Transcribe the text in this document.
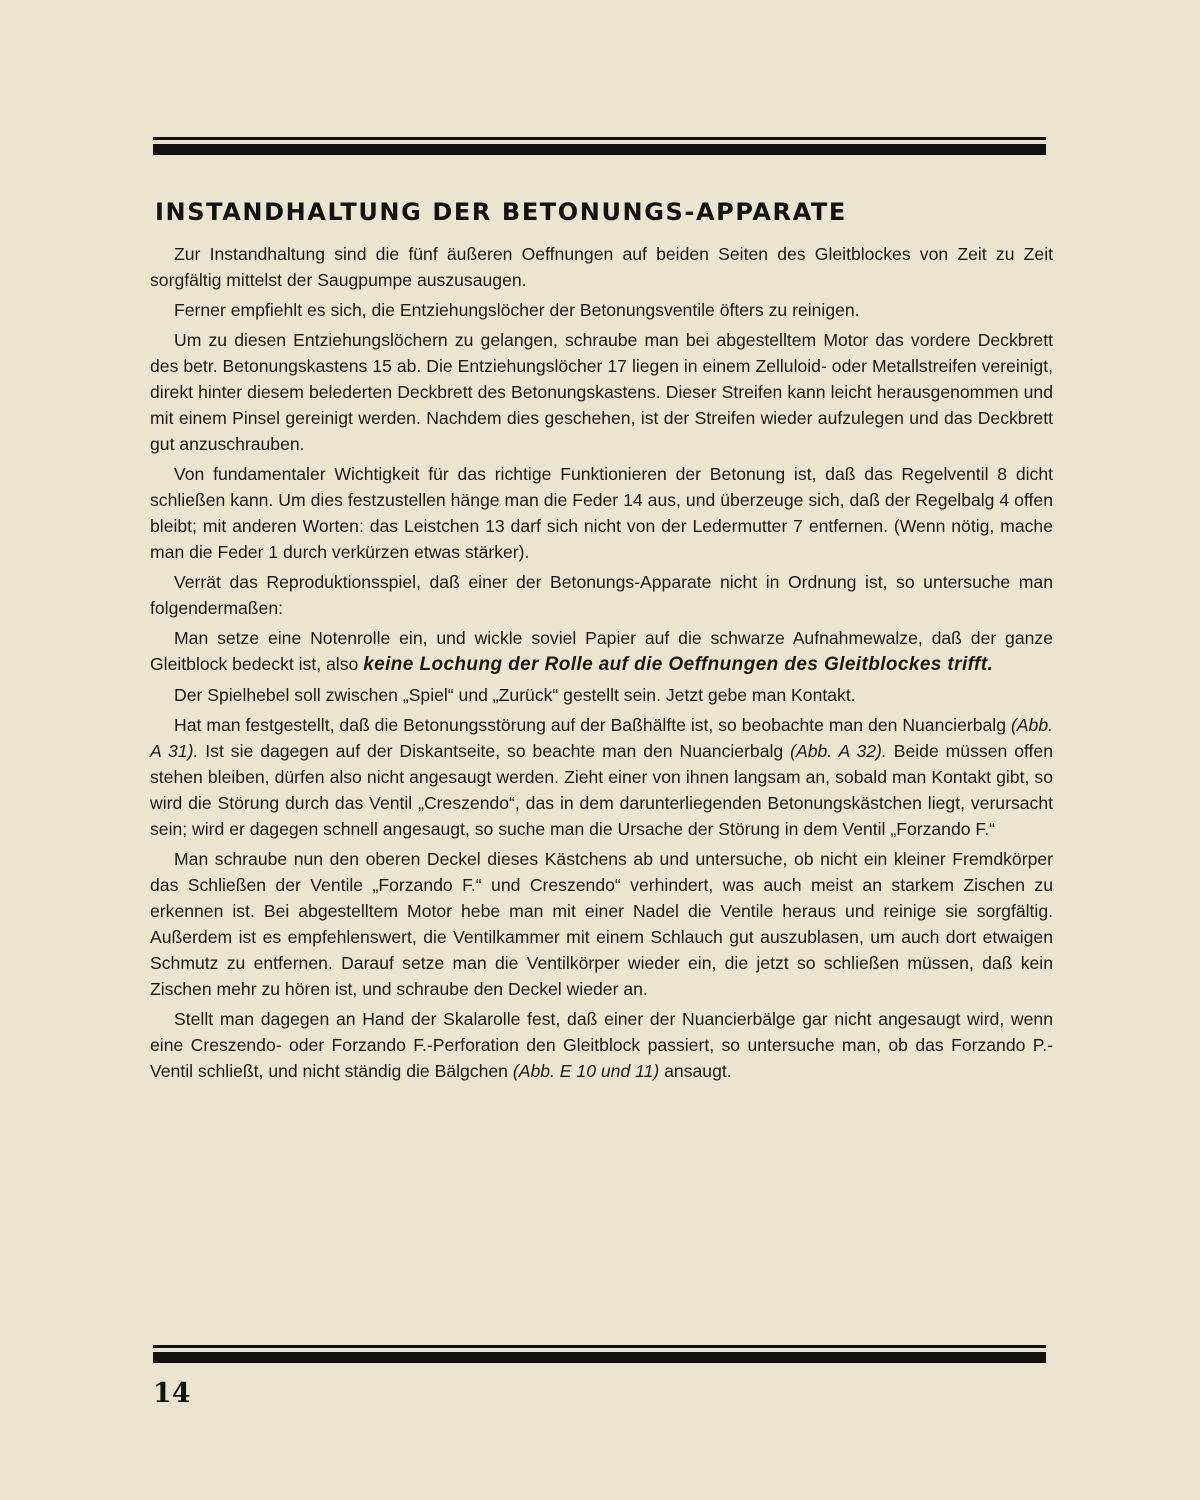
INSTANDHALTUNG DER BETONUNGS-APPARATE

Zur Instandhaltung sind die fünf äußeren Oeffnungen auf beiden Seiten des Gleitblockes von Zeit zu Zeit sorgfältig mittelst der Saugpumpe auszusaugen.

Ferner empfiehlt es sich, die Entziehungslöcher der Betonungsventile öfters zu reinigen.

Um zu diesen Entziehungslöchern zu gelangen, schraube man bei abgestelltem Motor das vordere Deckbrett des betr. Betonungskastens 15 ab. Die Entziehungslöcher 17 liegen in einem Zelluloid- oder Metallstreifen vereinigt, direkt hinter diesem belederten Deckbrett des Betonungskastens. Dieser Streifen kann leicht herausgenommen und mit einem Pinsel gereinigt werden. Nachdem dies geschehen, ist der Streifen wieder aufzulegen und das Deckbrett gut anzuschrauben.

Von fundamentaler Wichtigkeit für das richtige Funktionieren der Betonung ist, daß das Regelventil 8 dicht schließen kann. Um dies festzustellen hänge man die Feder 14 aus, und überzeuge sich, daß der Regelbalg 4 offen bleibt; mit anderen Worten: das Leistchen 13 darf sich nicht von der Ledermutter 7 entfernen. (Wenn nötig, mache man die Feder 1 durch verkürzen etwas stärker).

Verrät das Reproduktionsspiel, daß einer der Betonungs-Apparate nicht in Ordnung ist, so untersuche man folgendermaßen:

Man setze eine Notenrolle ein, und wickle soviel Papier auf die schwarze Aufnahmewalze, daß der ganze Gleitblock bedeckt ist, also keine Lochung der Rolle auf die Oeffnungen des Gleitblockes trifft.

Der Spielhebel soll zwischen „Spiel“ und „Zurück“ gestellt sein. Jetzt gebe man Kontakt.

Hat man festgestellt, daß die Betonungsstörung auf der Baßhälfte ist, so beobachte man den Nuancierbalg (Abb. A 31). Ist sie dagegen auf der Diskantseite, so beachte man den Nuancierbalg (Abb. A 32). Beide müssen offen stehen bleiben, dürfen also nicht angesaugt werden. Zieht einer von ihnen langsam an, sobald man Kontakt gibt, so wird die Störung durch das Ventil „Creszendo“, das in dem darunterliegenden Betonungskästchen liegt, verursacht sein; wird er dagegen schnell angesaugt, so suche man die Ursache der Störung in dem Ventil „Forzando F.“

Man schraube nun den oberen Deckel dieses Kästchens ab und untersuche, ob nicht ein kleiner Fremdkörper das Schließen der Ventile „Forzando F.“ und Creszendo“ verhindert, was auch meist an starkem Zischen zu erkennen ist. Bei abgestelltem Motor hebe man mit einer Nadel die Ventile heraus und reinige sie sorgfältig. Außerdem ist es empfehlenswert, die Ventilkammer mit einem Schlauch gut auszublasen, um auch dort etwaigen Schmutz zu entfernen. Darauf setze man die Ventilkörper wieder ein, die jetzt so schließen müssen, daß kein Zischen mehr zu hören ist, und schraube den Deckel wieder an.

Stellt man dagegen an Hand der Skalarolle fest, daß einer der Nuancierbälge gar nicht angesaugt wird, wenn eine Creszendo- oder Forzando F.-Perforation den Gleitblock passiert, so untersuche man, ob das Forzando P.-Ventil schließt, und nicht ständig die Bälgchen (Abb. E 10 und 11) ansaugt.

14
